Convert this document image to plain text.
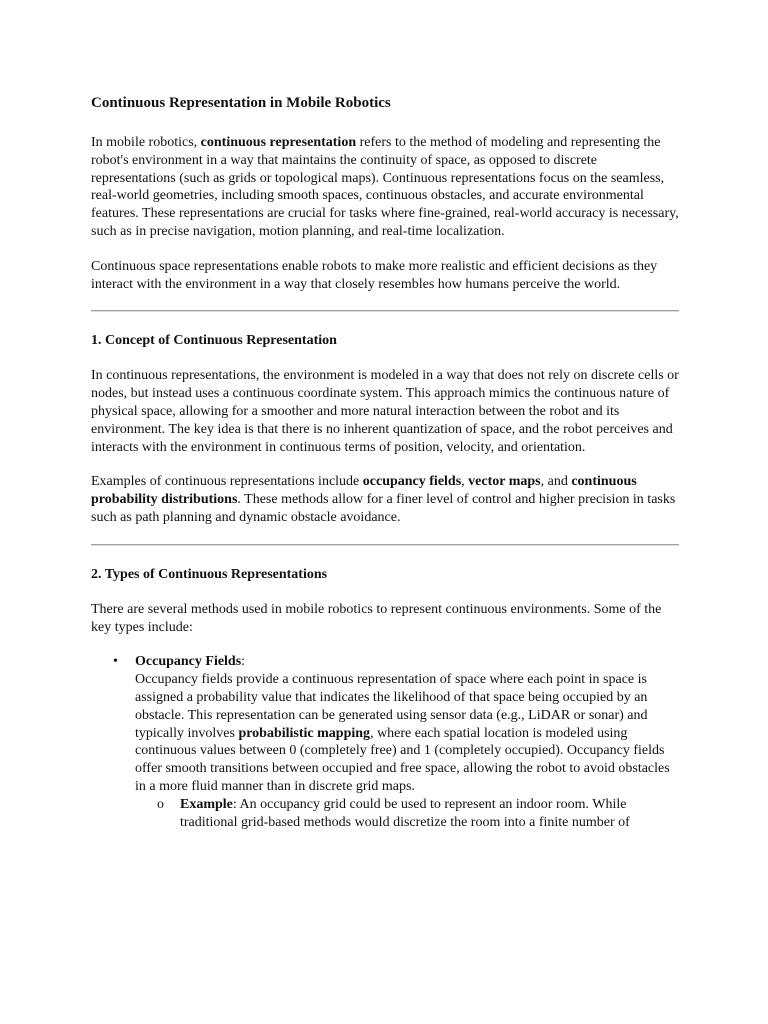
Continuous Representation in Mobile Robotics

In mobile robotics, continuous representation refers to the method of modeling and representing the robot's environment in a way that maintains the continuity of space, as opposed to discrete representations (such as grids or topological maps). Continuous representations focus on the seamless, real-world geometries, including smooth spaces, continuous obstacles, and accurate environmental features. These representations are crucial for tasks where fine-grained, real-world accuracy is necessary, such as in precise navigation, motion planning, and real-time localization.

Continuous space representations enable robots to make more realistic and efficient decisions as they interact with the environment in a way that closely resembles how humans perceive the world.

1. Concept of Continuous Representation

In continuous representations, the environment is modeled in a way that does not rely on discrete cells or nodes, but instead uses a continuous coordinate system. This approach mimics the continuous nature of physical space, allowing for a smoother and more natural interaction between the robot and its environment. The key idea is that there is no inherent quantization of space, and the robot perceives and interacts with the environment in continuous terms of position, velocity, and orientation.

Examples of continuous representations include occupancy fields, vector maps, and continuous probability distributions. These methods allow for a finer level of control and higher precision in tasks such as path planning and dynamic obstacle avoidance.

2. Types of Continuous Representations

There are several methods used in mobile robotics to represent continuous environments. Some of the key types include:

• Occupancy Fields:
Occupancy fields provide a continuous representation of space where each point in space is assigned a probability value that indicates the likelihood of that space being occupied by an obstacle. This representation can be generated using sensor data (e.g., LiDAR or sonar) and typically involves probabilistic mapping, where each spatial location is modeled using continuous values between 0 (completely free) and 1 (completely occupied). Occupancy fields offer smooth transitions between occupied and free space, allowing the robot to avoid obstacles in a more fluid manner than in discrete grid maps.
o Example: An occupancy grid could be used to represent an indoor room. While traditional grid-based methods would discretize the room into a finite number of
